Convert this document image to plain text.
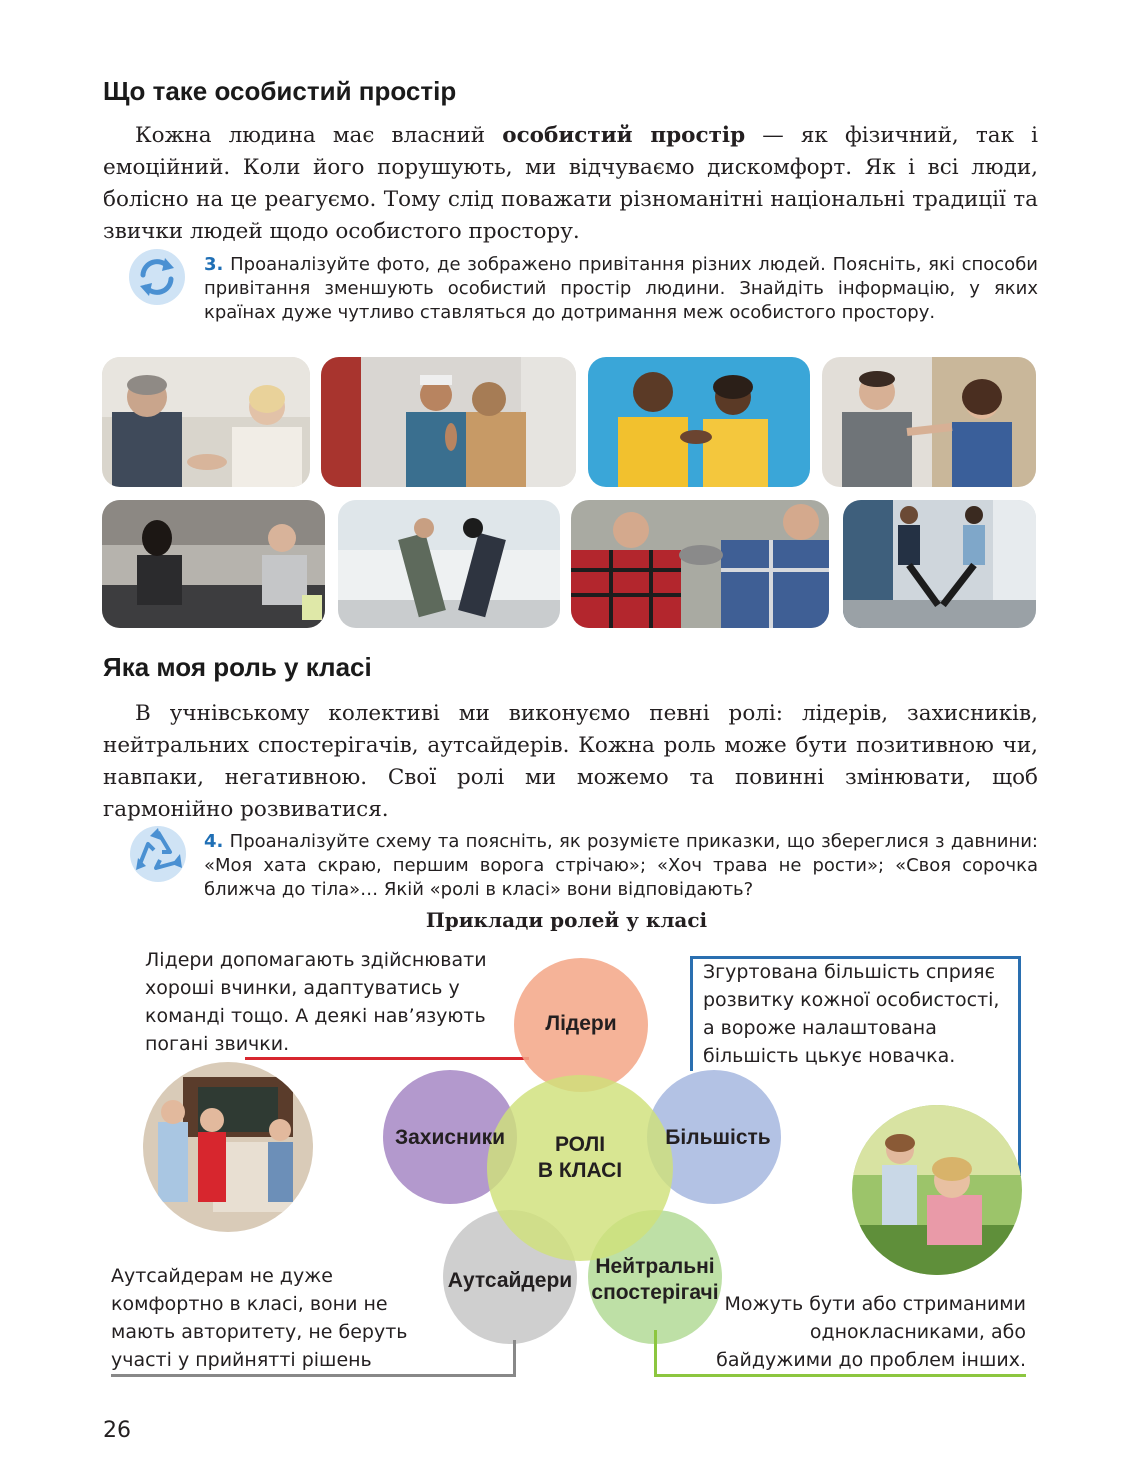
Що таке особистий простір
Кожна людина має власний особистий простір — як фізичний, так і емоційний. Коли його порушують, ми відчуваємо дискомфорт. Як і всі люди, болісно на це реагуємо. Тому слід поважати різноманітні національні традиції та звички людей щодо особистого простору.
3. Проаналізуйте фото, де зображено привітання різних людей. Поясніть, які способи привітання зменшують особистий простір людини. Знайдіть інформацію, у яких країнах дуже чутливо ставляться до дотримання меж особистого простору.
Яка моя роль у класі
В учнівському колективі ми виконуємо певні ролі: лідерів, захисників, нейтральних спостерігачів, аутсайдерів. Кожна роль може бути позитивною чи, навпаки, негативною. Свої ролі ми можемо та повинні змінювати, щоб гармонійно розвиватися.
4. Проаналізуйте схему та поясніть, як розумієте приказки, що збереглися з давнини: «Моя хата скраю, першим ворога стрічаю»; «Хоч трава не рости»; «Своя сорочка ближча до тіла»… Якій «ролі в класі» вони відповідають?
Приклади ролей у класі
Лідери допомагають здійснювати хороші вчинки, адаптуватись у команді тощо. А деякі нав’язують погані звички.
Згуртована більшість сприяє розвитку кожної особистості, а вороже налаштована більшість цькує новачка.
Лідери
Захисники	Більшість
Аутсайдери
Нейтральні
спостерігачі
РОЛІ
В КЛАСІ
Аутсайдерам не дуже комфортно в класі, вони не мають авторитету, не беруть участі у прийнятті рішень
Можуть бути або стриманими однокласниками, або байдужими до проблем інших.
26
